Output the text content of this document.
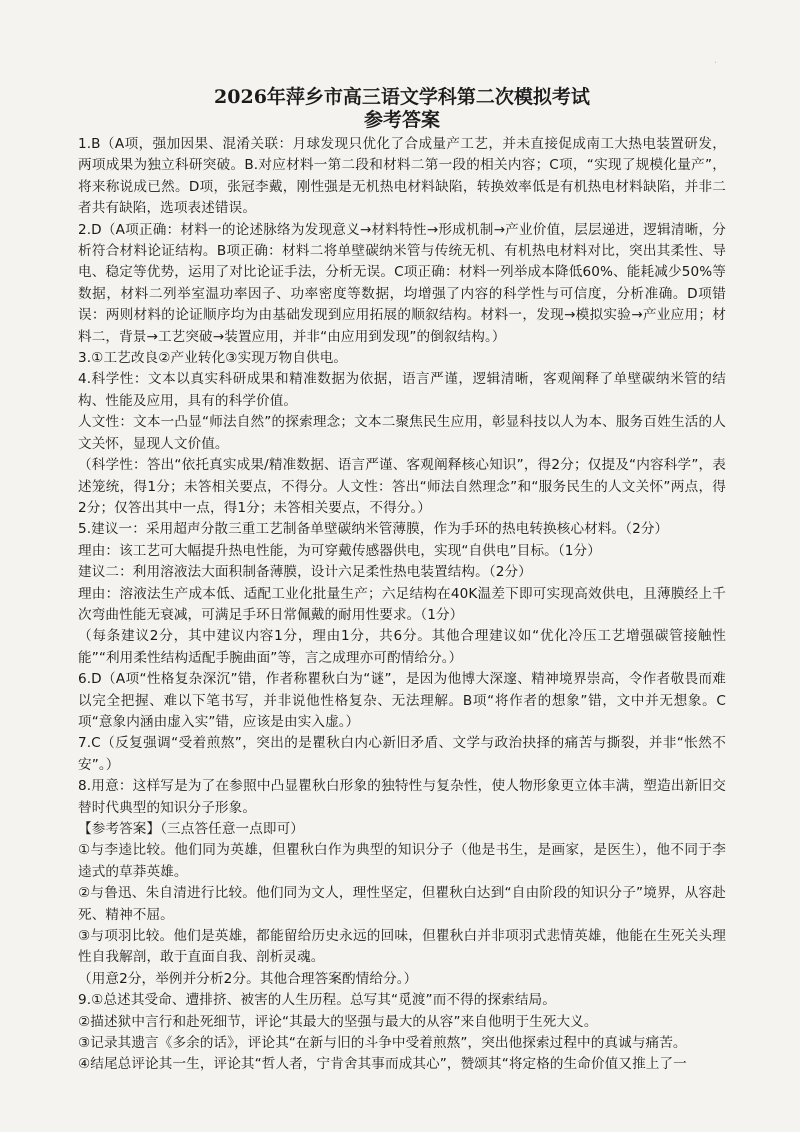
·
2026年萍乡市高三语文学科第二次模拟考试
参考答案

1.B（A项，强加因果、混淆关联：月球发现只优化了合成量产工艺，并未直接促成南工大热电装置研发，两项成果为独立科研突破。B.对应材料一第二段和材料二第一段的相关内容；C项，“实现了规模化量产”，将来称说成已然。D项，张冠李戴，刚性强是无机热电材料缺陷，转换效率低是有机热电材料缺陷，并非二者共有缺陷，选项表述错误。

2.D（A项正确：材料一的论述脉络为发现意义→材料特性→形成机制→产业价值，层层递进，逻辑清晰，分析符合材料论证结构。B项正确：材料二将单壁碳纳米管与传统无机、有机热电材料对比，突出其柔性、导电、稳定等优势，运用了对比论证手法，分析无误。C项正确：材料一列举成本降低60%、能耗减少50%等数据，材料二列举室温功率因子、功率密度等数据，均增强了内容的科学性与可信度，分析准确。D项错误：两则材料的论证顺序均为由基础发现到应用拓展的顺叙结构。材料一，发现→模拟实验→产业应用；材料二，背景→工艺突破→装置应用，并非“由应用到发现”的倒叙结构。）

3.①工艺改良②产业转化③实现万物自供电。

4.科学性：文本以真实科研成果和精准数据为依据，语言严谨，逻辑清晰，客观阐释了单壁碳纳米管的结构、性能及应用，具有的科学价值。

人文性：文本一凸显“师法自然”的探索理念；文本二聚焦民生应用，彰显科技以人为本、服务百姓生活的人文关怀，显现人文价值。

（科学性：答出“依托真实成果/精准数据、语言严谨、客观阐释核心知识”，得2分；仅提及“内容科学”，表述笼统，得1分；未答相关要点，不得分。人文性：答出“师法自然理念”和“服务民生的人文关怀”两点，得2分；仅答出其中一点，得1分；未答相关要点，不得分。）

5.建议一：采用超声分散三重工艺制备单壁碳纳米管薄膜，作为手环的热电转换核心材料。（2分）

理由：该工艺可大幅提升热电性能，为可穿戴传感器供电，实现“自供电”目标。（1分）

建议二：利用溶液法大面积制备薄膜，设计六足柔性热电装置结构。（2分）

理由：溶液法生产成本低、适配工业化批量生产；六足结构在40K温差下即可实现高效供电，且薄膜经上千次弯曲性能无衰减，可满足手环日常佩戴的耐用性要求。（1分）

（每条建议2分，其中建议内容1分，理由1分，共6分。其他合理建议如“优化冷压工艺增强碳管接触性能”“利用柔性结构适配手腕曲面”等，言之成理亦可酌情给分。）

6.D（A项“性格复杂深沉”错，作者称瞿秋白为“谜”，是因为他博大深邃、精神境界崇高，令作者敬畏而难以完全把握、难以下笔书写，并非说他性格复杂、无法理解。B项“将作者的想象”错，文中并无想象。C项“意象内涵由虚入实”错，应该是由实入虚。）

7.C（反复强调“受着煎熬”，突出的是瞿秋白内心新旧矛盾、文学与政治抉择的痛苦与撕裂，并非“怅然不安”。）

8.用意：这样写是为了在参照中凸显瞿秋白形象的独特性与复杂性，使人物形象更立体丰满，塑造出新旧交替时代典型的知识分子形象。

【参考答案】（三点答任意一点即可）

①与李逵比较。他们同为英雄，但瞿秋白作为典型的知识分子（他是书生，是画家，是医生），他不同于李逵式的草莽英雄。

②与鲁迅、朱自清进行比较。他们同为文人，理性坚定，但瞿秋白达到“自由阶段的知识分子”境界，从容赴死、精神不屈。

③与项羽比较。他们是英雄，都能留给历史永远的回味，但瞿秋白并非项羽式悲情英雄，他能在生死关头理性自我解剖，敢于直面自我、剖析灵魂。

（用意2分，举例并分析2分。其他合理答案酌情给分。）

9.①总述其受命、遭排挤、被害的人生历程。总写其“觅渡”而不得的探索结局。

②描述狱中言行和赴死细节，评论“其最大的坚强与最大的从容”来自他明于生死大义。

③记录其遗言《多余的话》，评论其“在新与旧的斗争中受着煎熬”，突出他探索过程中的真诚与痛苦。

④结尾总评论其一生，评论其“哲人者，宁肯舍其事而成其心”，赞颂其“将定格的生命价值又推上了一
